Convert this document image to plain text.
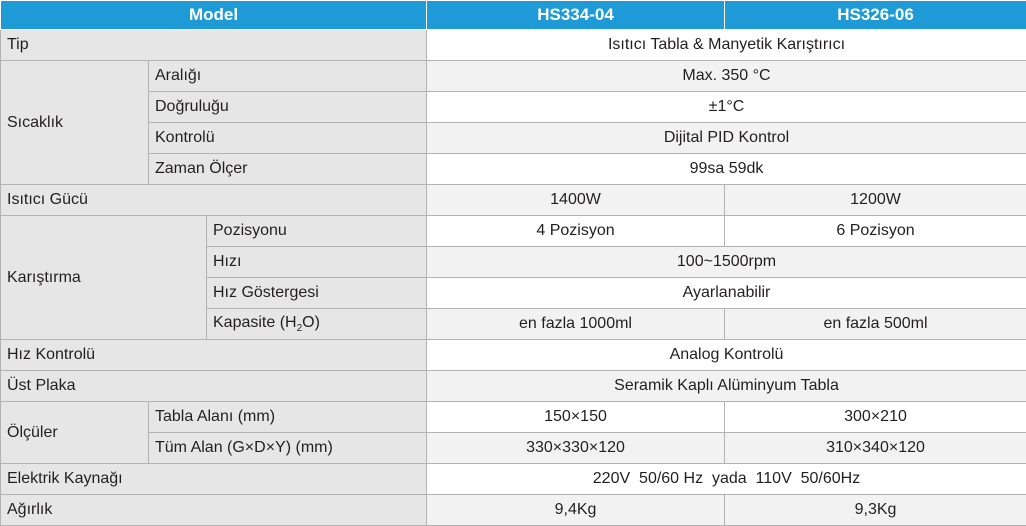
Model			HS334-04	HS326-06
Tip			Isıtıcı Tabla & Manyetik Karıştırıcı	
Sıcaklık	Aralığı		Max. 350 °C	
	Doğruluğu		±1°C	
	Kontrolü		Dijital PID Kontrol	
	Zaman Ölçer		99sa 59dk	
Isıtıcı Gücü			1400W	1200W
Karıştırma		Pozisyonu	4 Pozisyon	6 Pozisyon
		Hızı	100~1500rpm	
		Hız Göstergesi	Ayarlanabilir	
		Kapasite $(H_2O)$	en fazla 1000ml	en fazla 500ml
Hız Kontrolü			Analog Kontrolü	
Üst Plaka			Seramik Kaplı Alüminyum Tabla	
Ölçüler	Tabla Alanı (mm)		150×150	300×210
	Tüm Alan (G×D×Y) (mm)		330×330×120	310×340×120
Elektrik Kaynağı			220V  50/60 Hz  yada  110V  50/60Hz	
Ağırlık			9,4Kg	9,3Kg
